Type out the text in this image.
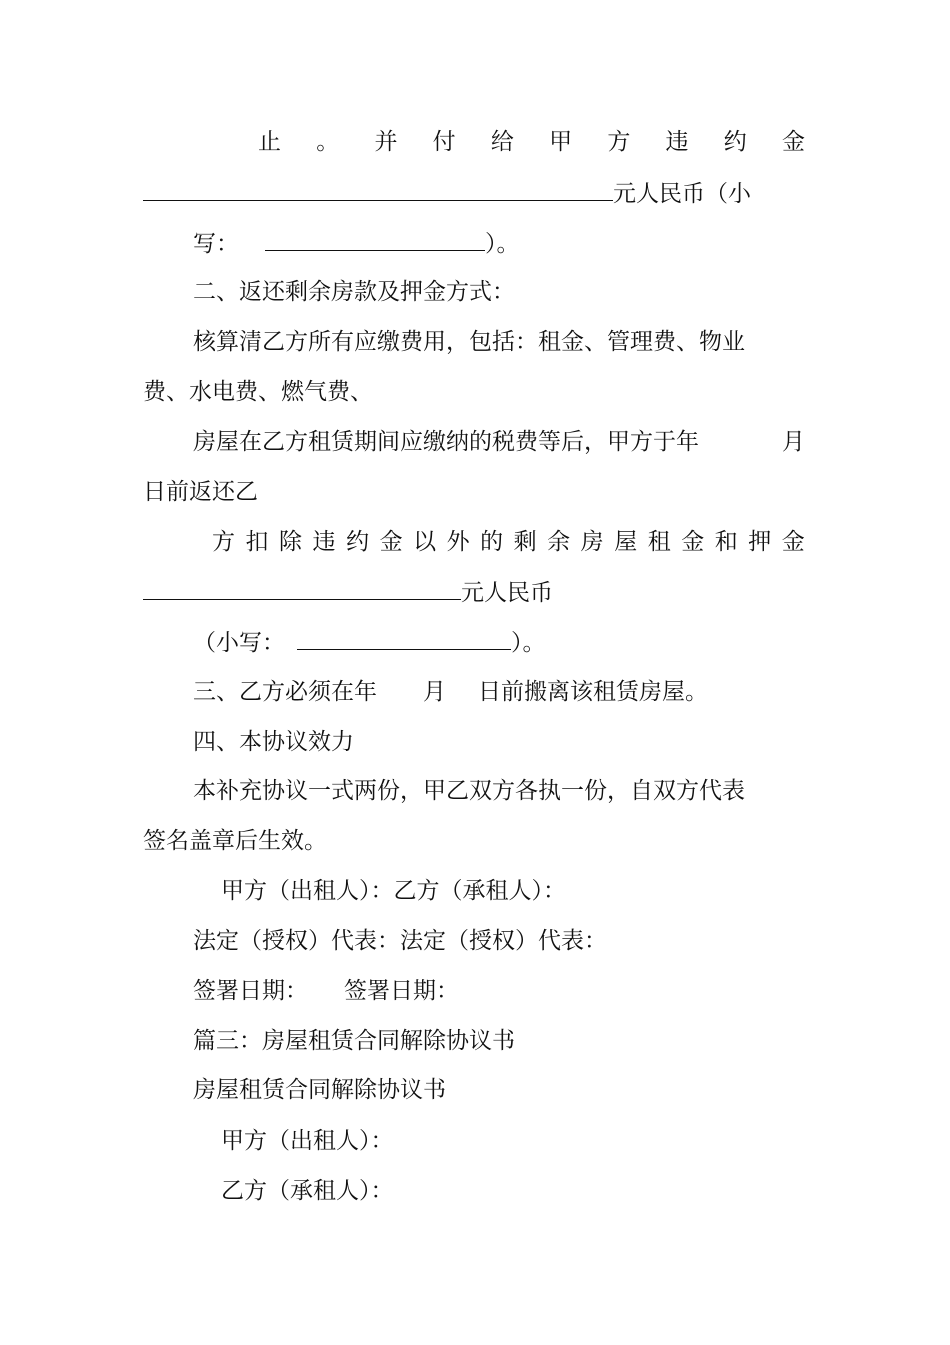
止 。 并 付 给 甲 方 违 约 金
元人民币（小
写：	）。
二、返还剩余房款及押金方式：
核算清乙方所有应缴费用，包括：租金、管理费、物业
费、水电费、燃气费、
房屋在乙方租赁期间应缴纳的税费等后，甲方于年	月
日前返还乙
方 扣 除 违 约 金 以 外 的 剩 余 房 屋 租 金 和 押 金
元人民币
（小写：	）。
三、乙方必须在年 月 日前搬离该租赁房屋。
四、本协议效力
本补充协议一式两份，甲乙双方各执一份，自双方代表
签名盖章后生效。
甲方（出租人）：乙方（承租人）：
法定（授权）代表：法定（授权）代表：
签署日期： 签署日期：
篇三：房屋租赁合同解除协议书
房屋租赁合同解除协议书
甲方（出租人）：
乙方（承租人）：
